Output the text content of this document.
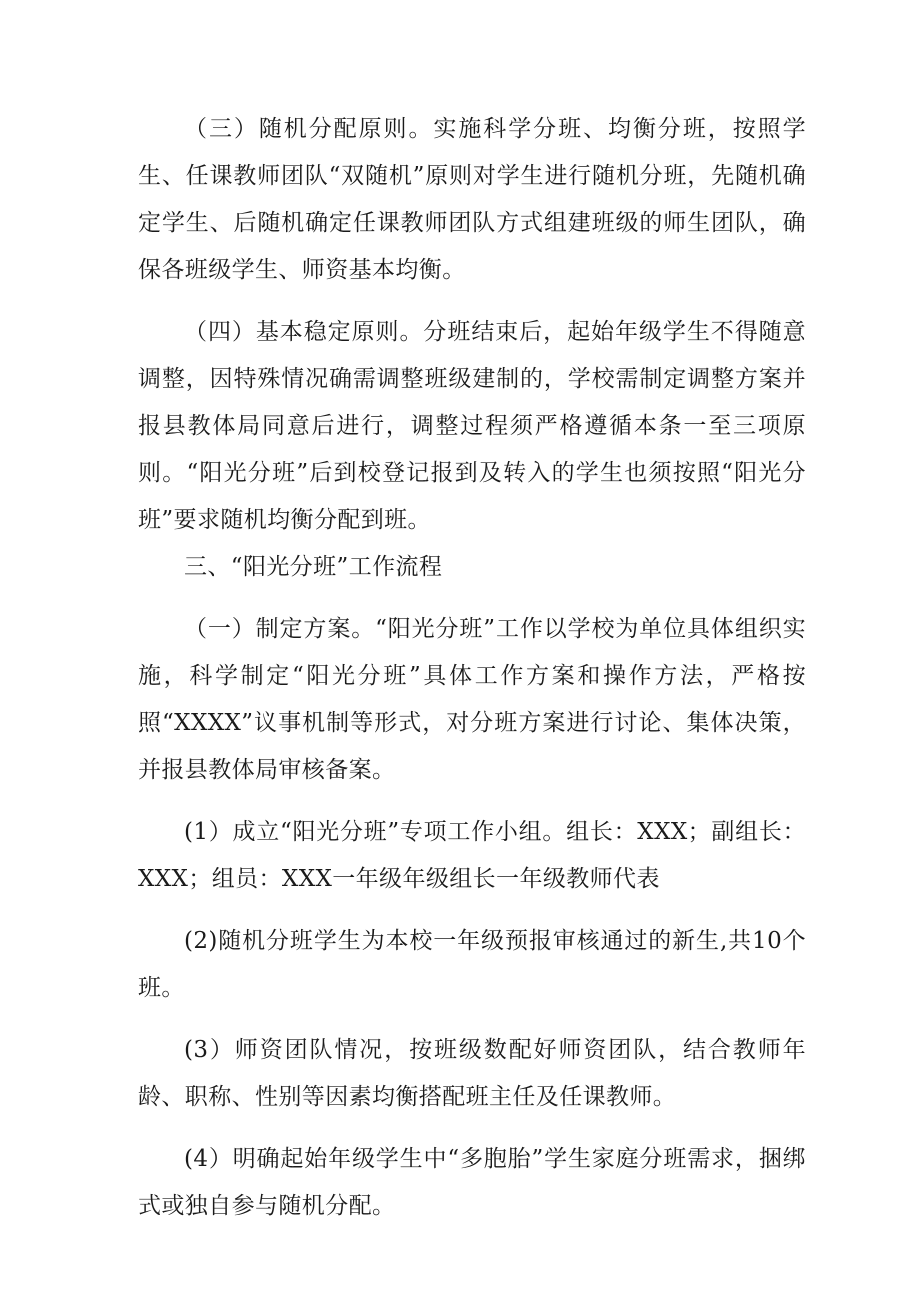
（三）随机分配原则。实施科学分班、均衡分班，按照学生、任课教师团队“双随机”原则对学生进行随机分班，先随机确定学生、后随机确定任课教师团队方式组建班级的师生团队，确保各班级学生、师资基本均衡。

（四）基本稳定原则。分班结束后，起始年级学生不得随意调整，因特殊情况确需调整班级建制的，学校需制定调整方案并报县教体局同意后进行，调整过程须严格遵循本条一至三项原则。“阳光分班”后到校登记报到及转入的学生也须按照“阳光分班”要求随机均衡分配到班。

三、“阳光分班”工作流程

（一）制定方案。“阳光分班”工作以学校为单位具体组织实施，科学制定“阳光分班”具体工作方案和操作方法，严格按照“XXXX”议事机制等形式，对分班方案进行讨论、集体决策，并报县教体局审核备案。

(1）成立“阳光分班”专项工作小组。组长：XXX；副组长：XXX；组员：XXX一年级年级组长一年级教师代表

(2)随机分班学生为本校一年级预报审核通过的新生,共10个班。

(3）师资团队情况，按班级数配好师资团队，结合教师年龄、职称、性别等因素均衡搭配班主任及任课教师。

(4）明确起始年级学生中“多胞胎”学生家庭分班需求，捆绑式或独自参与随机分配。
